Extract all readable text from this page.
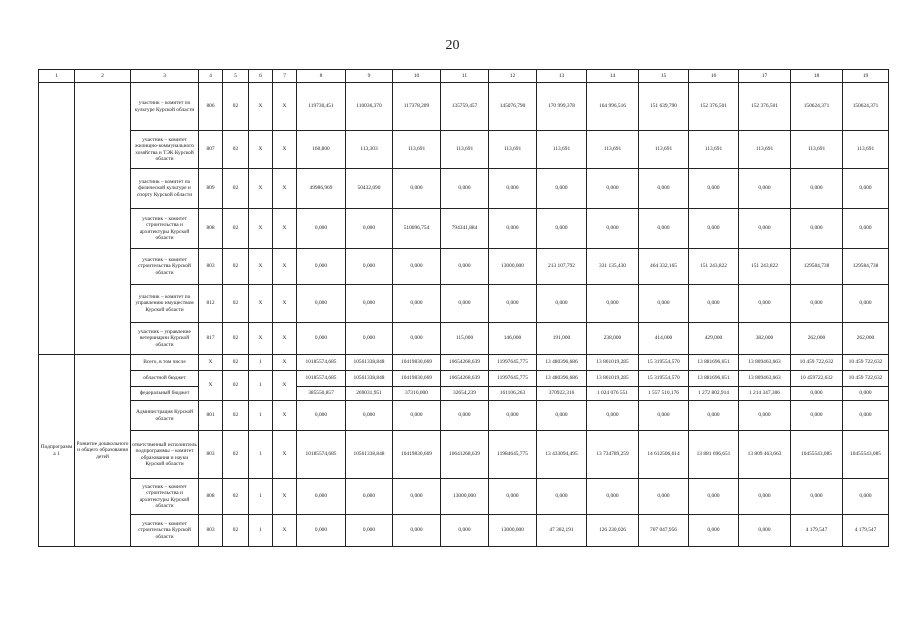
20
1	2	3	4	5	6	7	8	9	10	11	12	13	14	15	16	17	18	19
		участник – комитет по культуре Курской области	806	02	X	X	119730,451	110036,370	117378,209	135759,457	145076,790	170 999,378	164 996,516	151 639,790	152 376,501	152 376,501	150624,371	150624,371
		участник – комитет жилищно-коммунального хозяйства и ТЭК Курской области	807	02	X	X	160,800	113,303	113,691	113,691	113,691	113,691	113,691	113,691	113,691	113,691	113,691	113,691
		участник – комитет по физической культуре и спорту Курской области	809	02	X	X	49986,969	50432,090	0,000	0,000	0,000	0,000	0,000	0,000	0,000	0,000	0,000	0,000
		участник – комитет строительства и архитектуры Курской области	808	02	X	X	0,000	0,000	510096,754	794341,884	0,000	0,000	0,000	0,000	0,000	0,000	0,000	0,000
		участник – комитет строительства Курской области	803	02	X	X	0,000	0,000	0,000	0,000	13000,000	213 107,792	331 135,430	464 332,165	151 243,822	151 243,822	129584,738	129584,738
		участник – комитет по управлению имуществом Курской области	812	02	X	X	0,000	0,000	0,000	0,000	0,000	0,000	0,000	0,000	0,000	0,000	0,000	0,000
		участник – управление ветеринарии Курской области	817	02	X	X	0,000	0,000	0,000	115,000	146,000	191,000	238,000	414,000	429,000	382,000	262,000	262,000
Подпрограмма 1	Развитие дошкольного и общего образования детей	Всего, в том числе	X	02	1	X	10185574,685	10561338,848	10419830,669	10654268,639	11997645,775	13 480396,686	13 861019,285	15 319554,570	13 881696,651	13 809463,663	10 459 722,632	10 459 722,632
		областной бюджет	X	02	1	X	10185574,685	10561338,848	10419830,669	10654268,639	11997645,775	13 480396,686	13 861019,285	15 319554,570	13 881696,651	13 809463,663	10 459722,632	10 459 722,632
		федеральный бюджет					385550,857	269031,951	37316,000	32654,239	161106,263	370922,316	1 024 076 551	1 557 510,176	1 272 802,914	1 214 347,306	0,000	0,000
		Администрация Курской области	801	02	1	X	0,000	0,000	0,000	0,000	0,000	0,000	0,000	0,000	0,000	0,000	0,000	0,000
		ответственный исполнитель подпрограммы – комитет образования и науки Курской области	803	02	1	X	10185574,685	10561338,848	10419830,669	10641268,639	11984645,775	13 433094,495	13 734789,259	14 612506,614	13 881 696,651	13 809 463,663	10455543,085	10455543,085
		участник – комитет строительства и архитектуры Курской области	808	02	1	X	0,000	0,000	0,000	13000,000	0,000	0,000	0,000	0,000	0,000	0,000	0,000	0,000
		участник – комитет строительства Курской области	803	02	1	X	0,000	0,000	0,000	0,000	13000,000	47 302,191	126 230,026	707 047,956	0,000	0,000	4 179,547	4 179,547
